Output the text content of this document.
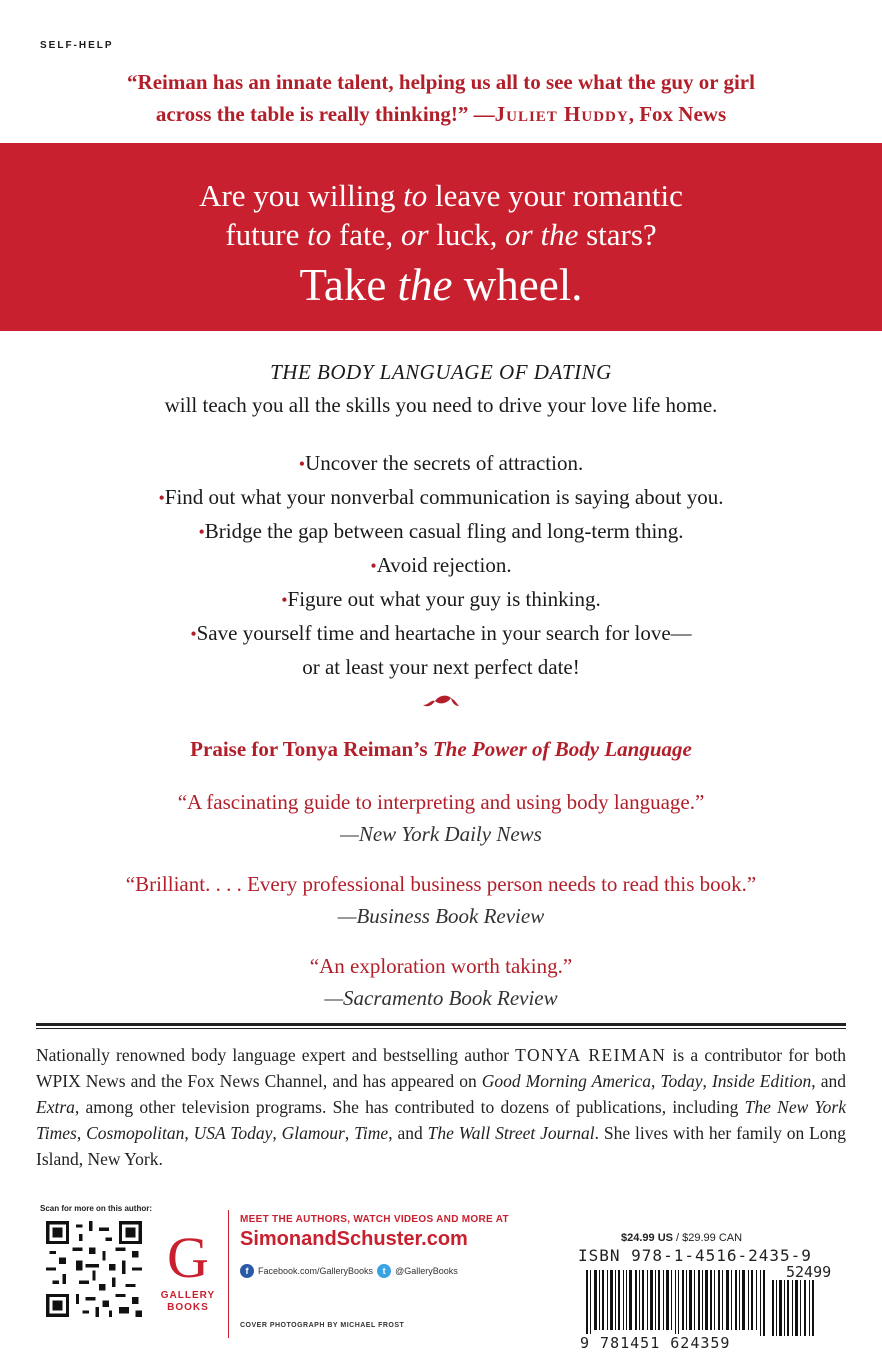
SELF-HELP
“Reiman has an innate talent, helping us all to see what the guy or girl
across the table is really thinking!” —Juliet Huddy, Fox News
Are you willing to leave your romantic
future to fate, or luck, or the stars?
Take the wheel.
THE BODY LANGUAGE OF DATING
will teach you all the skills you need to drive your love life home.
•Uncover the secrets of attraction.
•Find out what your nonverbal communication is saying about you.
•Bridge the gap between casual fling and long-term thing.
•Avoid rejection.
•Figure out what your guy is thinking.
•Save yourself time and heartache in your search for love—
or at least your next perfect date!
Praise for Tonya Reiman’s The Power of Body Language
“A fascinating guide to interpreting and using body language.”
—New York Daily News
“Brilliant. . . . Every professional business person needs to read this book.”
—Business Book Review
“An exploration worth taking.”
—Sacramento Book Review
Nationally renowned body language expert and bestselling author TONYA REIMAN is a contributor for both WPIX News and the Fox News Channel, and has appeared on Good Morning America, Today, Inside Edition, and Extra, among other television programs. She has contributed to dozens of publications, including The New York Times, Cosmopolitan, USA Today, Glamour, Time, and The Wall Street Journal. She lives with her family on Long Island, New York.
Scan for more on this author:
G
GALLERY
BOOKS
MEET THE AUTHORS, WATCH VIDEOS AND MORE AT
SimonandSchuster.com
f	Facebook.com/GalleryBooks	t	@GalleryBooks
COVER PHOTOGRAPH BY MICHAEL FROST
$24.99 US / $29.99 CAN
ISBN 978-1-4516-2435-9
52499
9 781451 624359
